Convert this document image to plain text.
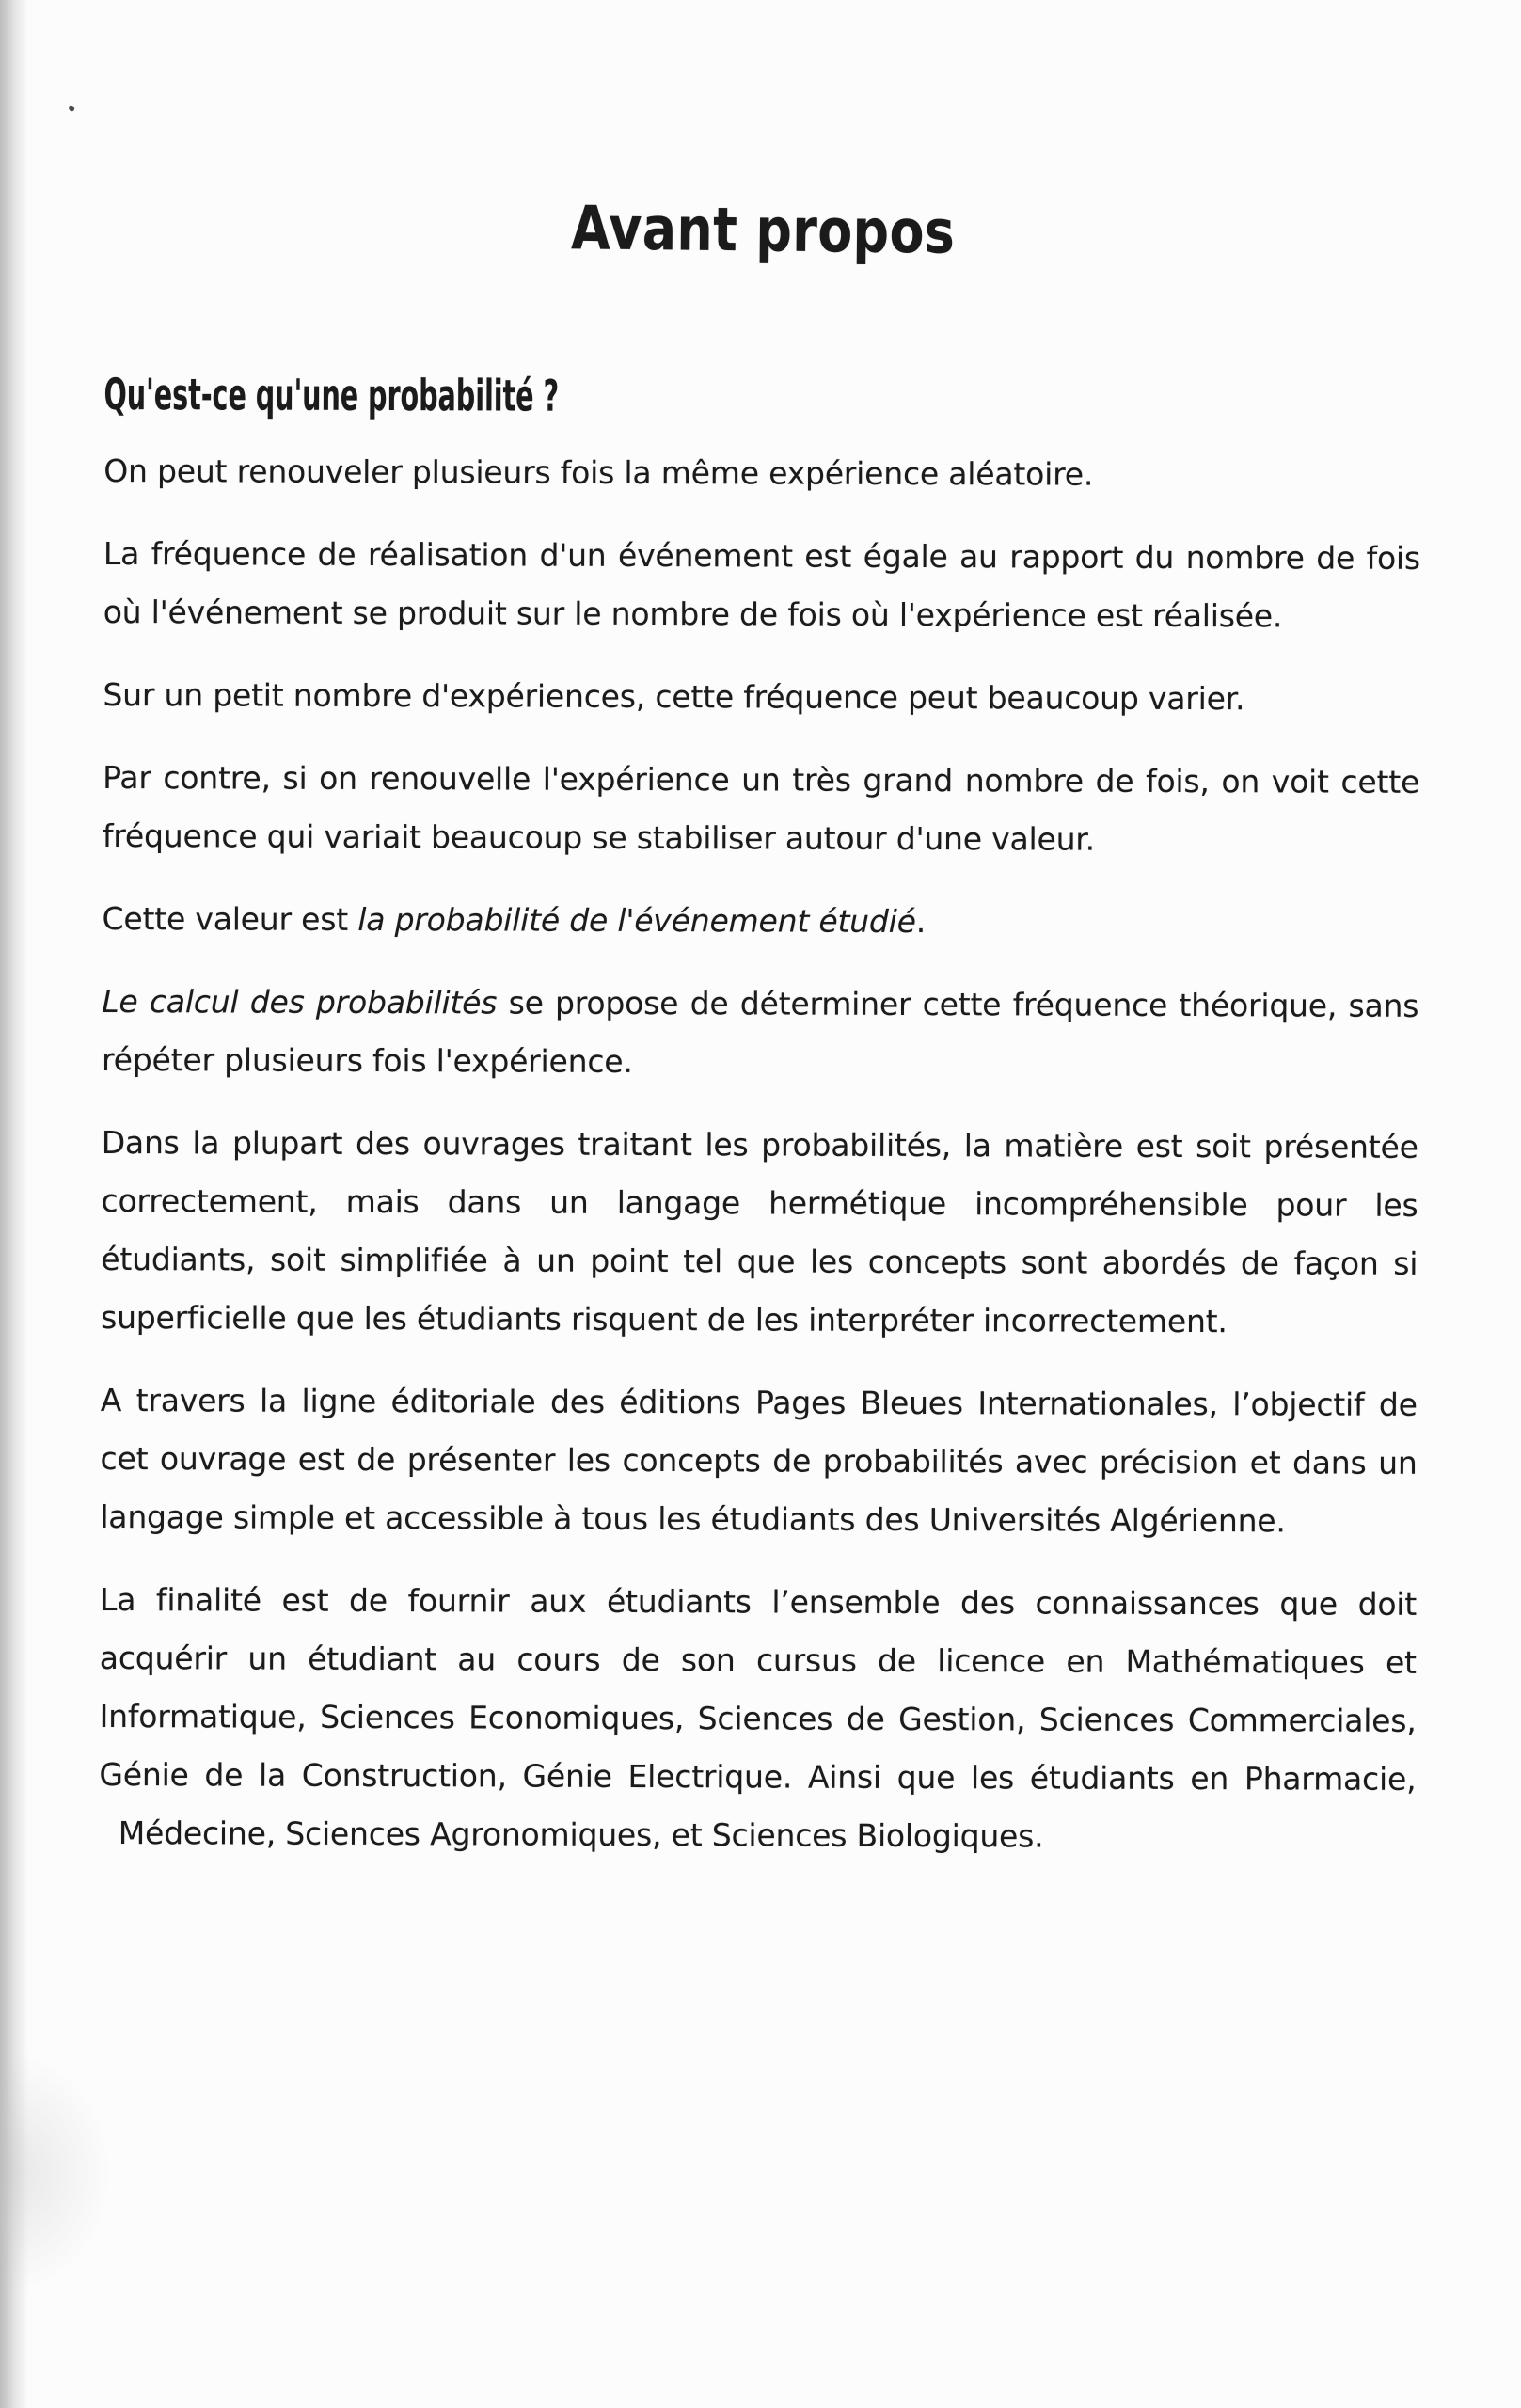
Avant propos
Qu'est-ce qu'une probabilité ?

On peut renouveler plusieurs fois la même expérience aléatoire.

La fréquence de réalisation d'un événement est égale au rapport du nombre de fois où l'événement se produit sur le nombre de fois où l'expérience est réalisée.

Sur un petit nombre d'expériences, cette fréquence peut beaucoup varier.

Par contre, si on renouvelle l'expérience un très grand nombre de fois, on voit cette fréquence qui variait beaucoup se stabiliser autour d'une valeur.

Cette valeur est la probabilité de l'événement étudié.

Le calcul des probabilités se propose de déterminer cette fréquence théorique, sans répéter plusieurs fois l'expérience.

Dans la plupart des ouvrages traitant les probabilités, la matière est soit présentée correctement, mais dans un langage hermétique incompréhensible pour les étudiants, soit simplifiée à un point tel que les concepts sont abordés de façon si superficielle que les étudiants risquent de les interpréter incorrectement.

A travers la ligne éditoriale des éditions Pages Bleues Internationales, l’objectif de cet ouvrage est de présenter les concepts de probabilités avec précision et dans un langage simple et accessible à tous les étudiants des Universités Algérienne.

La finalité est de fournir aux étudiants l’ensemble des connaissances que doit acquérir un étudiant au cours de son cursus de licence en Mathématiques et Informatique, Sciences Economiques, Sciences de Gestion, Sciences Commerciales, Génie de la Construction, Génie Electrique. Ainsi que les étudiants en Pharmacie,   Médecine, Sciences Agronomiques, et Sciences Biologiques.
